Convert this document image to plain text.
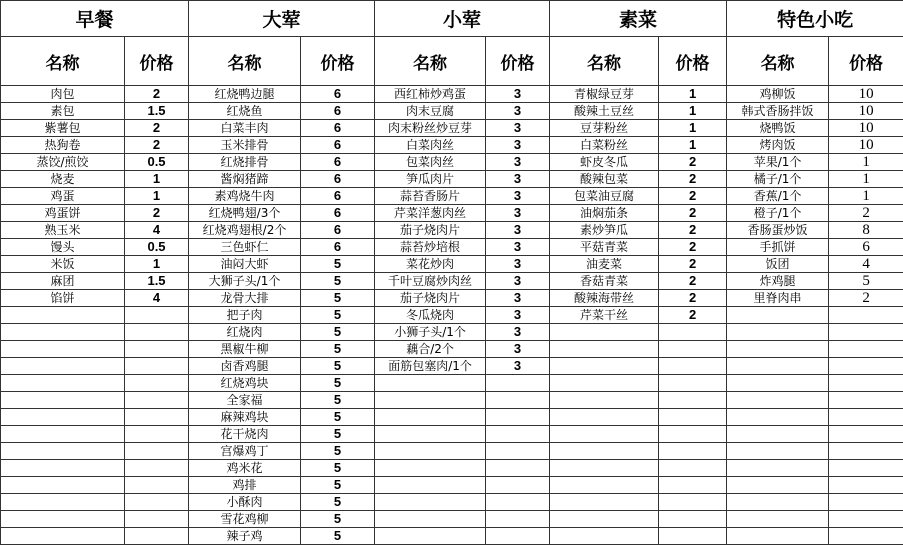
早餐		大荤		小荤		素菜		特色小吃	
名称	价格	名称	价格	名称	价格	名称	价格	名称	价格
肉包	2	红烧鸭边腿	6	西红柿炒鸡蛋	3	青椒绿豆芽	1	鸡柳饭	10
素包	1.5	红烧鱼	6	肉末豆腐	3	酸辣土豆丝	1	韩式香肠拌饭	10
紫薯包	2	白菜丰肉	6	肉末粉丝炒豆芽	3	豆芽粉丝	1	烧鸭饭	10
热狗卷	2	玉米排骨	6	白菜肉丝	3	白菜粉丝	1	烤肉饭	10
蒸饺/煎饺	0.5	红烧排骨	6	包菜肉丝	3	虾皮冬瓜	2	苹果/1个	1
烧麦	1	酱焖猪蹄	6	笋瓜肉片	3	酸辣包菜	2	橘子/1个	1
鸡蛋	1	素鸡烧牛肉	6	蒜苔香肠片	3	包菜油豆腐	2	香蕉/1个	1
鸡蛋饼	2	红烧鸭翅/3个	6	芹菜洋葱肉丝	3	油焖茄条	2	橙子/1个	2
熟玉米	4	红烧鸡翅根/2个	6	茄子烧肉片	3	素炒笋瓜	2	香肠蛋炒饭	8
馒头	0.5	三色虾仁	6	蒜苔炒培根	3	平菇青菜	2	手抓饼	6
米饭	1	油闷大虾	5	菜花炒肉	3	油麦菜	2	饭团	4
麻团	1.5	大狮子头/1个	5	千叶豆腐炒肉丝	3	香菇青菜	2	炸鸡腿	5
馅饼	4	龙骨大排	5	茄子烧肉片	3	酸辣海带丝	2	里脊肉串	2
		把子肉	5	冬瓜烧肉	3	芹菜干丝	2		
		红烧肉	5	小狮子头/1个	3				
		黑椒牛柳	5	藕合/2个	3				
		卤香鸡腿	5	面筋包塞肉/1个	3				
		红烧鸡块	5						
		全家福	5						
		麻辣鸡块	5						
		花干烧肉	5						
		宫爆鸡丁	5						
		鸡米花	5						
		鸡排	5						
		小酥肉	5						
		雪花鸡柳	5						
		辣子鸡	5						
